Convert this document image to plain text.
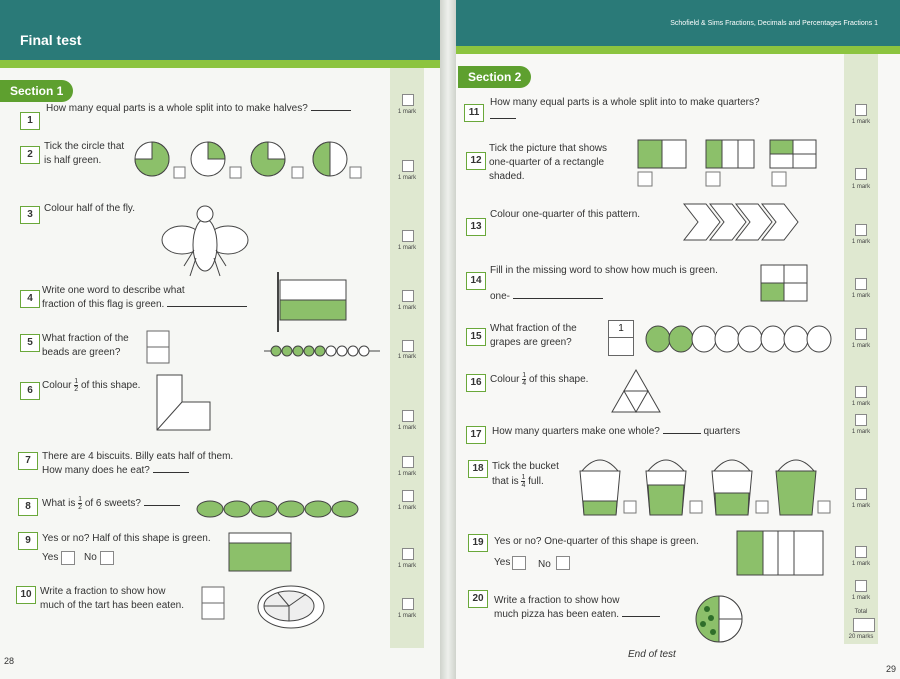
Final test
Section 1
1
How many equal parts is a whole split into to make halves?	1 mark
2
Tick the circle that
is half green.
1 mark
3
Colour half of the fly.
1 mark
4
Write one word to describe what
fraction of this flag is green.	1 mark
5 What fraction of the
beads are green?	1 mark
6 Colour $\frac{1}{2}$ of this shape.
1 mark
7	There are 4 biscuits. Billy eats half of them.
How many does he eat?	1 mark
8	What is $\frac{1}{2}$ of 6 sweets?	1 mark
9	Yes or no? Half of this shape is green.
Yes	No
1 mark
10 Write a fraction to show how
much of the tart has been eaten.
1 mark
28
Schofield & Sims Fractions, Decimals and Percentages Fractions 1
Section 2
11
How many equal parts is a whole split into to make quarters?
1 mark
12
Tick the picture that shows
one-quarter of a rectangle
shaded.
1 mark
13
Colour one-quarter of this pattern.
1 mark
14
Fill in the missing word to show how much is green.
one-	1 mark
15
What fraction of the
grapes are green?
1
1 mark
16 Colour $\frac{1}{4}$ of this shape.
1 mark
17	How many quarters make one whole?	quarters	1 mark
18 Tick the bucket
that is $\frac{1}{4}$ full.
1 mark
19	Yes or no? One-quarter of this shape is green.
Yes	No	1 mark
20	Write a fraction to show how
much pizza has been eaten.
1 mark
Total
20 marks
End of test
29
